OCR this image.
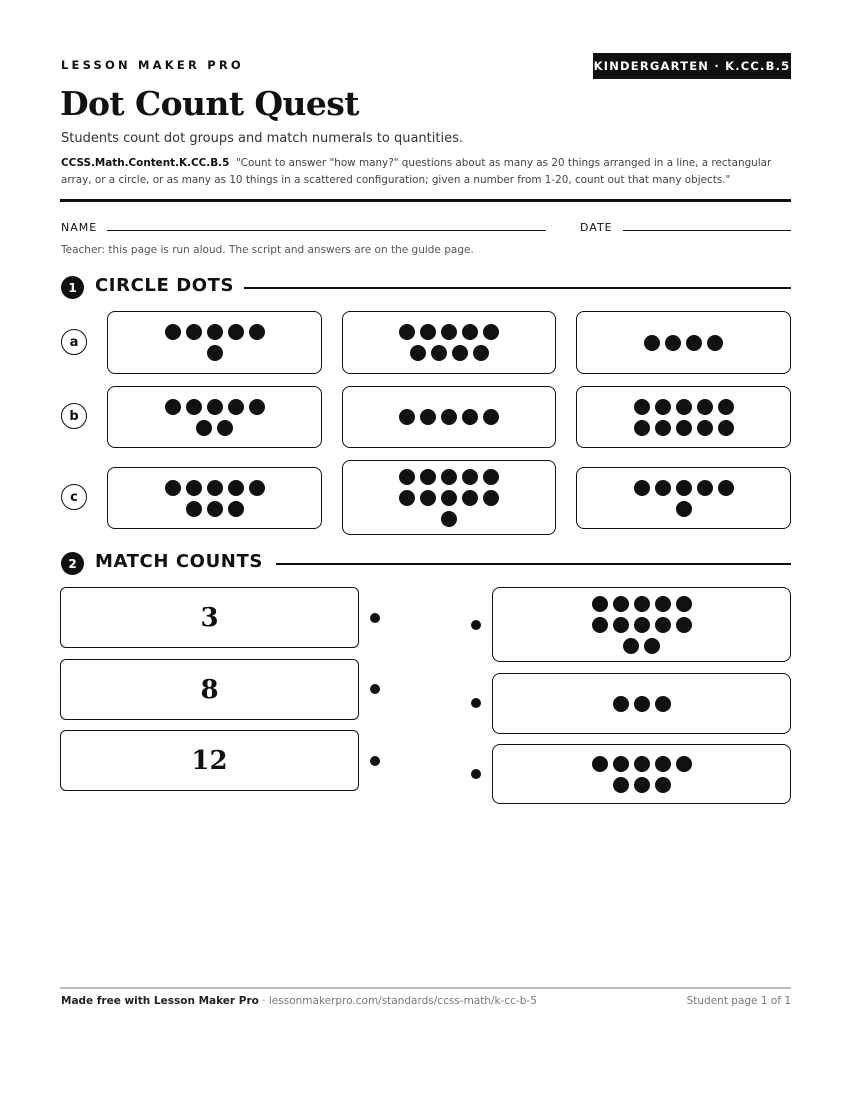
LESSON MAKER PRO	KINDERGARTEN · K.CC.B.5
Dot Count Quest
Students count dot groups and match numerals to quantities.
CCSS.Math.Content.K.CC.B.5 "Count to answer "how many?" questions about as many as 20 things arranged in a line, a rectangular array, or a circle, or as many as 10 things in a scattered configuration; given a number from 1-20, count out that many objects."
NAME	DATE
Teacher: this page is run aloud. The script and answers are on the guide page.
1	CIRCLE DOTS
a
b
c
2	MATCH COUNTS
3
8
12
Made free with Lesson Maker Pro · lessonmakerpro.com/standards/ccss-math/k-cc-b-5	Student page 1 of 1
